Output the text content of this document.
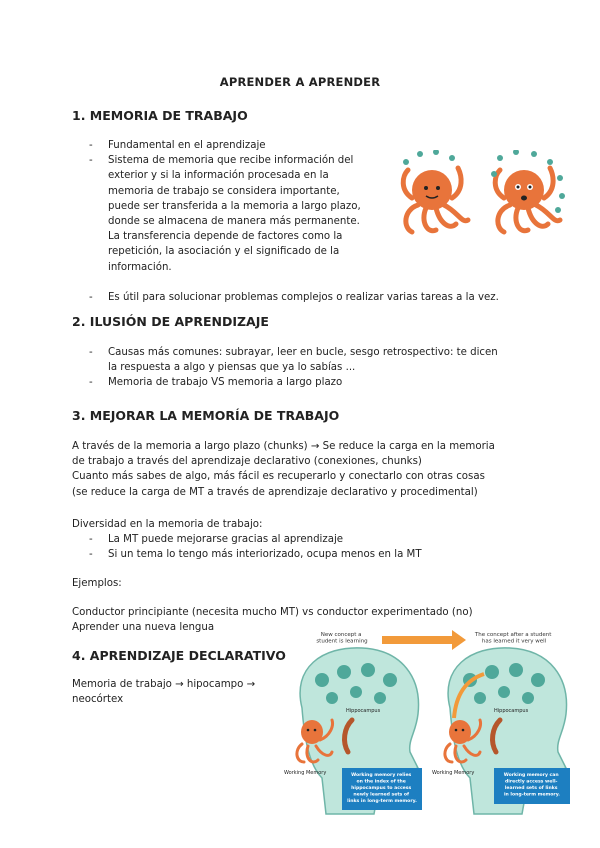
APRENDER A APRENDER
1. MEMORIA DE TRABAJO
- Fundamental en el aprendizaje
- Sistema de memoria que recibe información del
exterior y si la información procesada en la
memoria de trabajo se considera importante,
puede ser transferida a la memoria a largo plazo,
donde se almacena de manera más permanente.
La transferencia depende de factores como la
repetición, la asociación y el significado de la
información.
- Es útil para solucionar problemas complejos o realizar varias tareas a la vez.
2. ILUSIÓN DE APRENDIZAJE
- Causas más comunes: subrayar, leer en bucle, sesgo retrospectivo: te dicen
la respuesta a algo y piensas que ya lo sabías ...
- Memoria de trabajo VS memoria a largo plazo
3. MEJORAR LA MEMORÍA DE TRABAJO
A través de la memoria a largo plazo (chunks) → Se reduce la carga en la memoria
de trabajo a través del aprendizaje declarativo (conexiones, chunks)
Cuanto más sabes de algo, más fácil es recuperarlo y conectarlo con otras cosas
(se reduce la carga de MT a través de aprendizaje declarativo y procedimental)
Diversidad en la memoria de trabajo:
- La MT puede mejorarse gracias al aprendizaje
- Si un tema lo tengo más interiorizado, ocupa menos en la MT
Ejemplos:
Conductor principiante (necesita mucho MT) vs conductor experimentado (no)
Aprender una nueva lengua
4. APRENDIZAJE DECLARATIVO
Memoria de trabajo → hipocampo →
neocórtex
New concept a student is learning
The concept after a student has learned it very well
Hippocampus
Working Memory	Working memory relies on the index of the hippocampus to access newly learned sets of links in long-term memory.
Hippocampus
Working Memory	Working memory can directly access well- learned sets of links in long-term memory.
